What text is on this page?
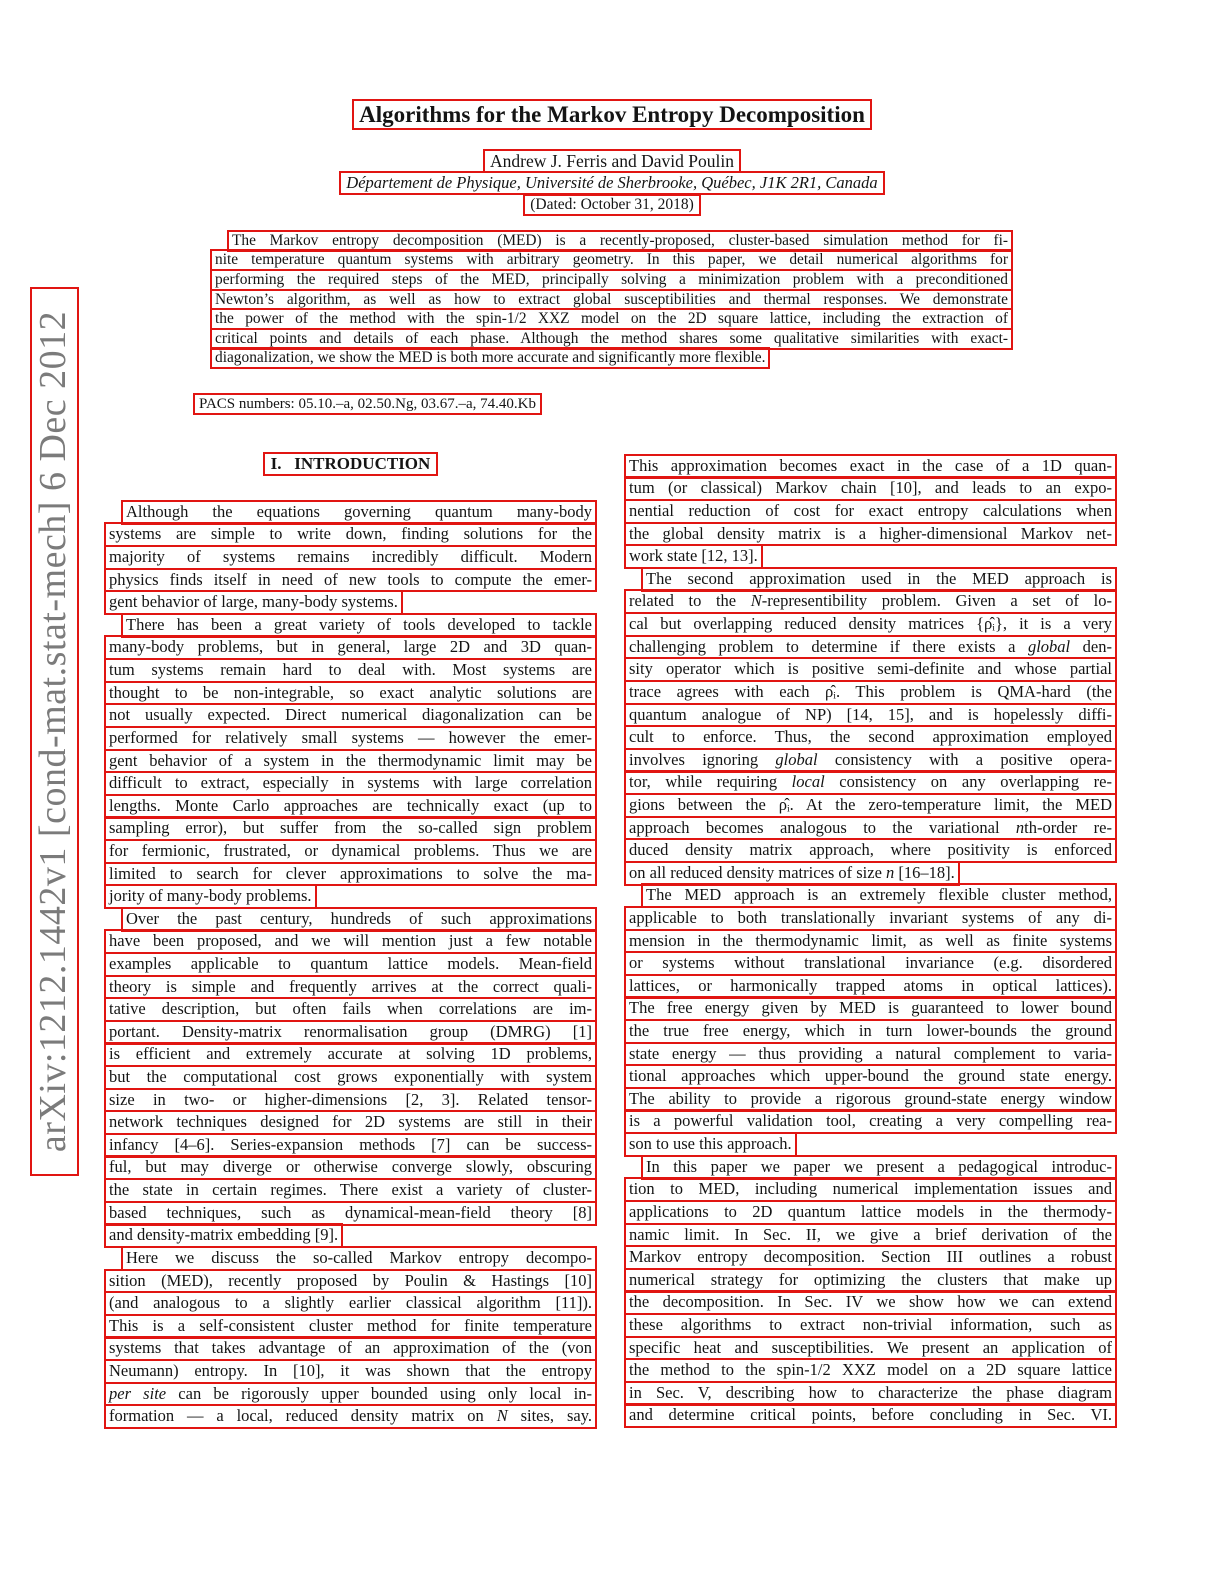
arXiv:1212.1442v1 [cond-mat.stat-mech] 6 Dec 2012
Algorithms for the Markov Entropy Decomposition
Andrew J. Ferris and David Poulin
Département de Physique, Université de Sherbrooke, Québec, J1K 2R1, Canada
(Dated: October 31, 2018)
The Markov entropy decomposition (MED) is a recently-proposed, cluster-based simulation method for fi-
nite temperature quantum systems with arbitrary geometry. In this paper, we detail numerical algorithms for
performing the required steps of the MED, principally solving a minimization problem with a preconditioned
Newton’s algorithm, as well as how to extract global susceptibilities and thermal responses. We demonstrate
the power of the method with the spin-1/2 XXZ model on the 2D square lattice, including the extraction of
critical points and details of each phase. Although the method shares some qualitative similarities with exact-
diagonalization, we show the MED is both more accurate and significantly more flexible.
PACS numbers: 05.10.–a, 02.50.Ng, 03.67.–a, 74.40.Kb
I.   INTRODUCTION
Although the equations governing quantum many-body
systems are simple to write down, finding solutions for the
majority of systems remains incredibly difficult. Modern
physics finds itself in need of new tools to compute the emer-
gent behavior of large, many-body systems.
There has been a great variety of tools developed to tackle
many-body problems, but in general, large 2D and 3D quan-
tum systems remain hard to deal with. Most systems are
thought to be non-integrable, so exact analytic solutions are
not usually expected. Direct numerical diagonalization can be
performed for relatively small systems — however the emer-
gent behavior of a system in the thermodynamic limit may be
difficult to extract, especially in systems with large correlation
lengths. Monte Carlo approaches are technically exact (up to
sampling error), but suffer from the so-called sign problem
for fermionic, frustrated, or dynamical problems. Thus we are
limited to search for clever approximations to solve the ma-
jority of many-body problems.
Over the past century, hundreds of such approximations
have been proposed, and we will mention just a few notable
examples applicable to quantum lattice models. Mean-field
theory is simple and frequently arrives at the correct quali-
tative description, but often fails when correlations are im-
portant. Density-matrix renormalisation group (DMRG) [1]
is efficient and extremely accurate at solving 1D problems,
but the computational cost grows exponentially with system
size in two- or higher-dimensions [2, 3]. Related tensor-
network techniques designed for 2D systems are still in their
infancy [4–6]. Series-expansion methods [7] can be success-
ful, but may diverge or otherwise converge slowly, obscuring
the state in certain regimes. There exist a variety of cluster-
based techniques, such as dynamical-mean-field theory [8]
and density-matrix embedding [9].
Here we discuss the so-called Markov entropy decompo-
sition (MED), recently proposed by Poulin & Hastings [10]
(and analogous to a slightly earlier classical algorithm [11]).
This is a self-consistent cluster method for finite temperature
systems that takes advantage of an approximation of the (von
Neumann) entropy. In [10], it was shown that the entropy
per site can be rigorously upper bounded using only local in-
formation — a local, reduced density matrix on N sites, say.
This approximation becomes exact in the case of a 1D quan-
tum (or classical) Markov chain [10], and leads to an expo-
nential reduction of cost for exact entropy calculations when
the global density matrix is a higher-dimensional Markov net-
work state [12, 13].
The second approximation used in the MED approach is
related to the N-representibility problem. Given a set of lo-
cal but overlapping reduced density matrices {ρ̂ᵢ}, it is a very
challenging problem to determine if there exists a global den-
sity operator which is positive semi-definite and whose partial
trace agrees with each ρ̂ᵢ. This problem is QMA-hard (the
quantum analogue of NP) [14, 15], and is hopelessly diffi-
cult to enforce. Thus, the second approximation employed
involves ignoring global consistency with a positive opera-
tor, while requiring local consistency on any overlapping re-
gions between the ρ̂ᵢ. At the zero-temperature limit, the MED
approach becomes analogous to the variational nth-order re-
duced density matrix approach, where positivity is enforced
on all reduced density matrices of size n [16–18].
The MED approach is an extremely flexible cluster method,
applicable to both translationally invariant systems of any di-
mension in the thermodynamic limit, as well as finite systems
or systems without translational invariance (e.g. disordered
lattices, or harmonically trapped atoms in optical lattices).
The free energy given by MED is guaranteed to lower bound
the true free energy, which in turn lower-bounds the ground
state energy — thus providing a natural complement to varia-
tional approaches which upper-bound the ground state energy.
The ability to provide a rigorous ground-state energy window
is a powerful validation tool, creating a very compelling rea-
son to use this approach.
In this paper we paper we present a pedagogical introduc-
tion to MED, including numerical implementation issues and
applications to 2D quantum lattice models in the thermody-
namic limit. In Sec. II, we give a brief derivation of the
Markov entropy decomposition. Section III outlines a robust
numerical strategy for optimizing the clusters that make up
the decomposition. In Sec. IV we show how we can extend
these algorithms to extract non-trivial information, such as
specific heat and susceptibilities. We present an application of
the method to the spin-1/2 XXZ model on a 2D square lattice
in Sec. V, describing how to characterize the phase diagram
and determine critical points, before concluding in Sec. VI.
